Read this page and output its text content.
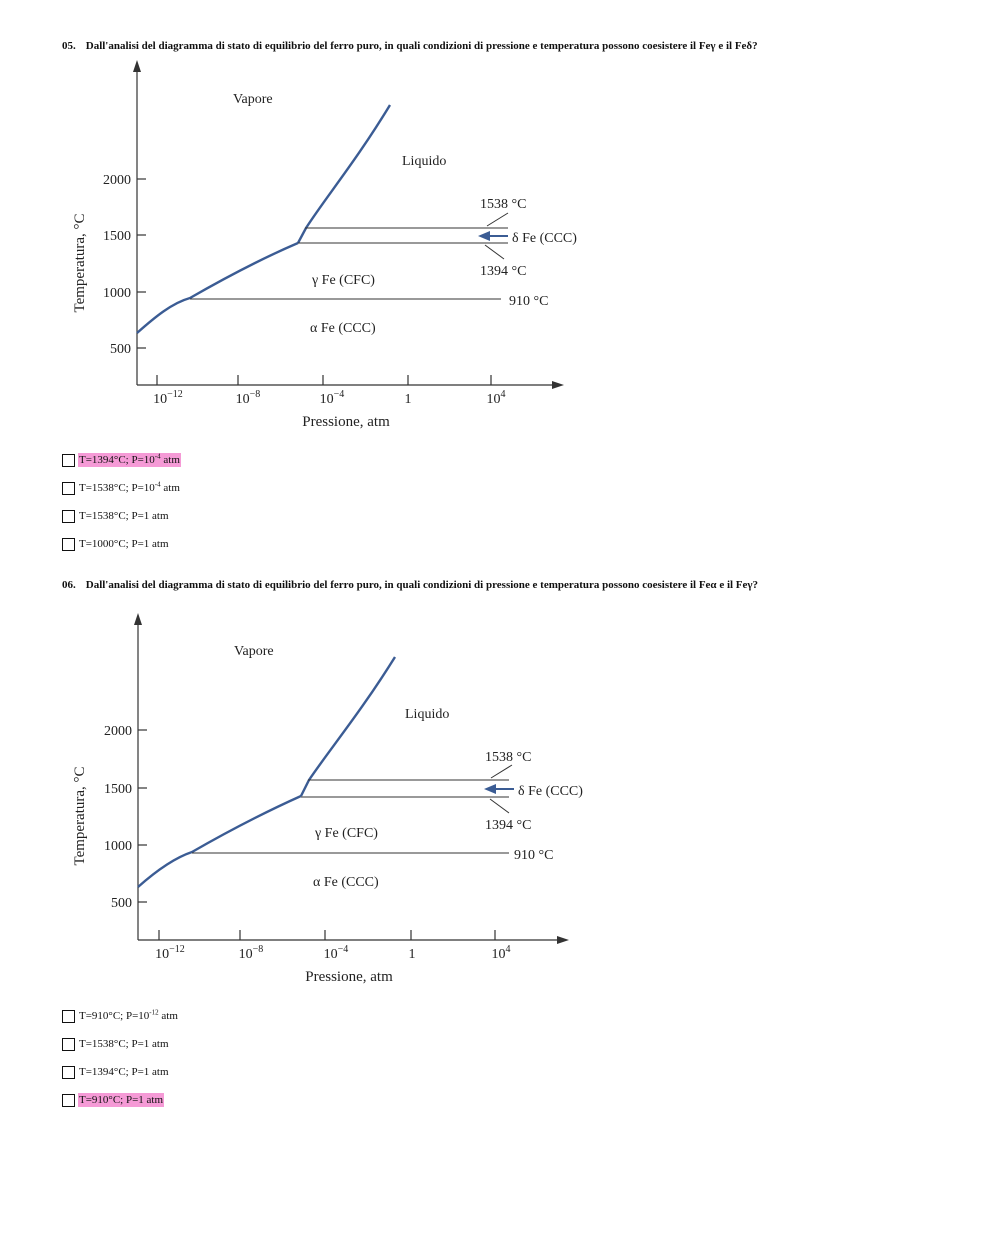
05. Dall'analisi del diagramma di stato di equilibrio del ferro puro, in quali condizioni di pressione e temperatura possono coesistere il Feγ e il Feδ?
2000
1500
1000
500
$10^{-12}$	$10^{-8}$	$10^{-4}$	1	$10^4$
Pressione, atm
Temperatura, °C
Vapore
Liquido
γ Fe (CFC)
α Fe (CCC)
δ Fe (CCC)
1538 °C
1394 °C
910 °C
T=1394°C; $P=10^{-4}$ atm
T=1538°C; $P=10^{-4}$ atm
T=1538°C; P=1 atm
T=1000°C; P=1 atm
06. Dall'analisi del diagramma di stato di equilibrio del ferro puro, in quali condizioni di pressione e temperatura possono coesistere il Feα e il Feγ?
2000
1500
1000
500
$10^{-12}$	$10^{-8}$	$10^{-4}$	1	$10^4$
Pressione, atm
Temperatura, °C
Vapore
Liquido
γ Fe (CFC)
α Fe (CCC)
δ Fe (CCC)
1538 °C
1394 °C
910 °C
T=910°C; $P=10^{-12}$ atm
T=1538°C; P=1 atm
T=1394°C; P=1 atm
T=910°C; P=1 atm
